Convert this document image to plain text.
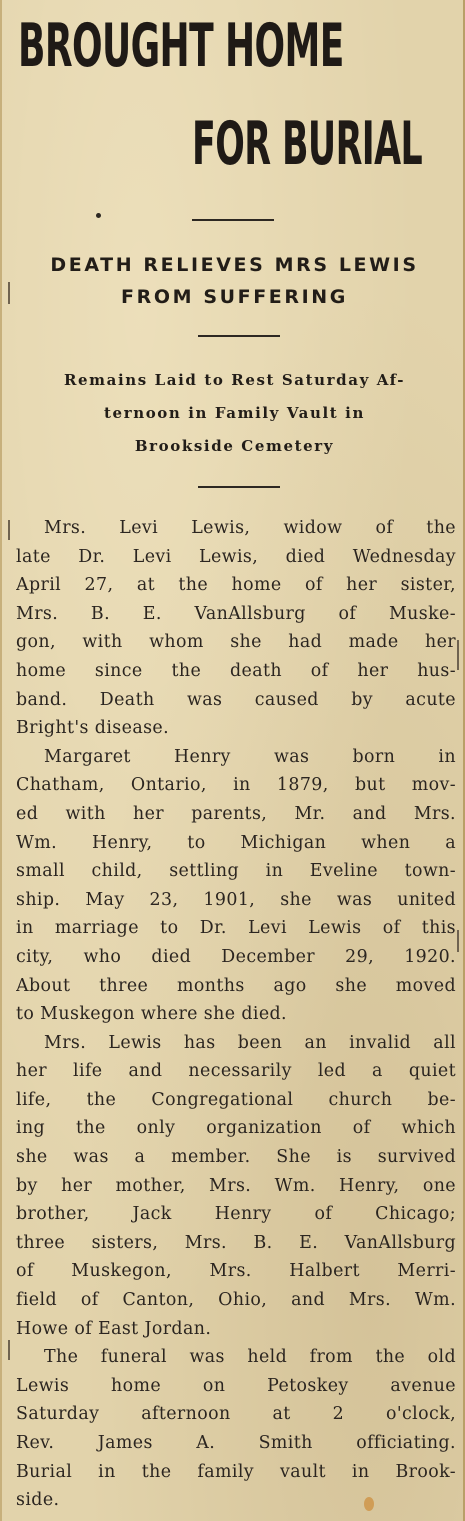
BROUGHT HOME
FOR BURIAL
DEATH RELIEVES MRS LEWIS
FROM SUFFERING
Remains Laid to Rest Saturday Af-
ternoon in Family Vault in
Brookside Cemetery

Mrs. Levi Lewis, widow of the
late Dr. Levi Lewis, died Wednesday
April 27, at the home of her sister,
Mrs. B. E. VanAllsburg of Muske-
gon, with whom she had made her
home since the death of her hus-
band. Death was caused by acute
Bright's disease.

Margaret Henry was born in
Chatham, Ontario, in 1879, but mov-
ed with her parents, Mr. and Mrs.
Wm. Henry, to Michigan when a
small child, settling in Eveline town-
ship. May 23, 1901, she was united
in marriage to Dr. Levi Lewis of this
city, who died December 29, 1920.
About three months ago she moved
to Muskegon where she died.

Mrs. Lewis has been an invalid all
her life and necessarily led a quiet
life, the Congregational church be-
ing the only organization of which
she was a member. She is survived
by her mother, Mrs. Wm. Henry, one
brother, Jack Henry of Chicago;
three sisters, Mrs. B. E. VanAllsburg
of Muskegon, Mrs. Halbert Merri-
field of Canton, Ohio, and Mrs. Wm.
Howe of East Jordan.

The funeral was held from the old
Lewis home on Petoskey avenue
Saturday afternoon at 2 o'clock,
Rev. James A. Smith officiating.
Burial in the family vault in Brook-
side.
